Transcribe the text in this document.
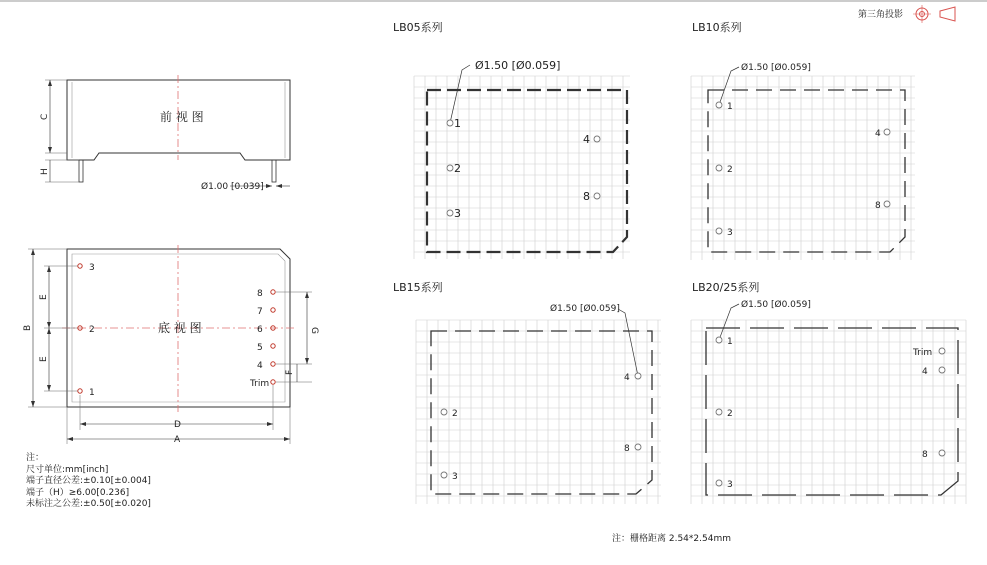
前 视 图
C
H
Ø1.00 [0.039]
底 视 图
B
E
E
G
F
D
A
3
2
1
8
7
6
5
4
Trim
LB05系列	LB10系列
LB15系列	LB20/25系列
Ø1.50 [Ø0.059]	Ø1.50 [Ø0.059]
Ø1.50 [Ø0.059]	Ø1.50 [Ø0.059]
1
2
3
4
8
1
2
3
4
8
2
3
4
8
1
2
3
Trim
4
8
第三角投影
注：
尺寸单位:mm[inch]
端子直径公差:±0.10[±0.004]
端子（H）≥6.00[0.236]
未标注之公差:±0.50[±0.020]
注：栅格距离 2.54*2.54mm
